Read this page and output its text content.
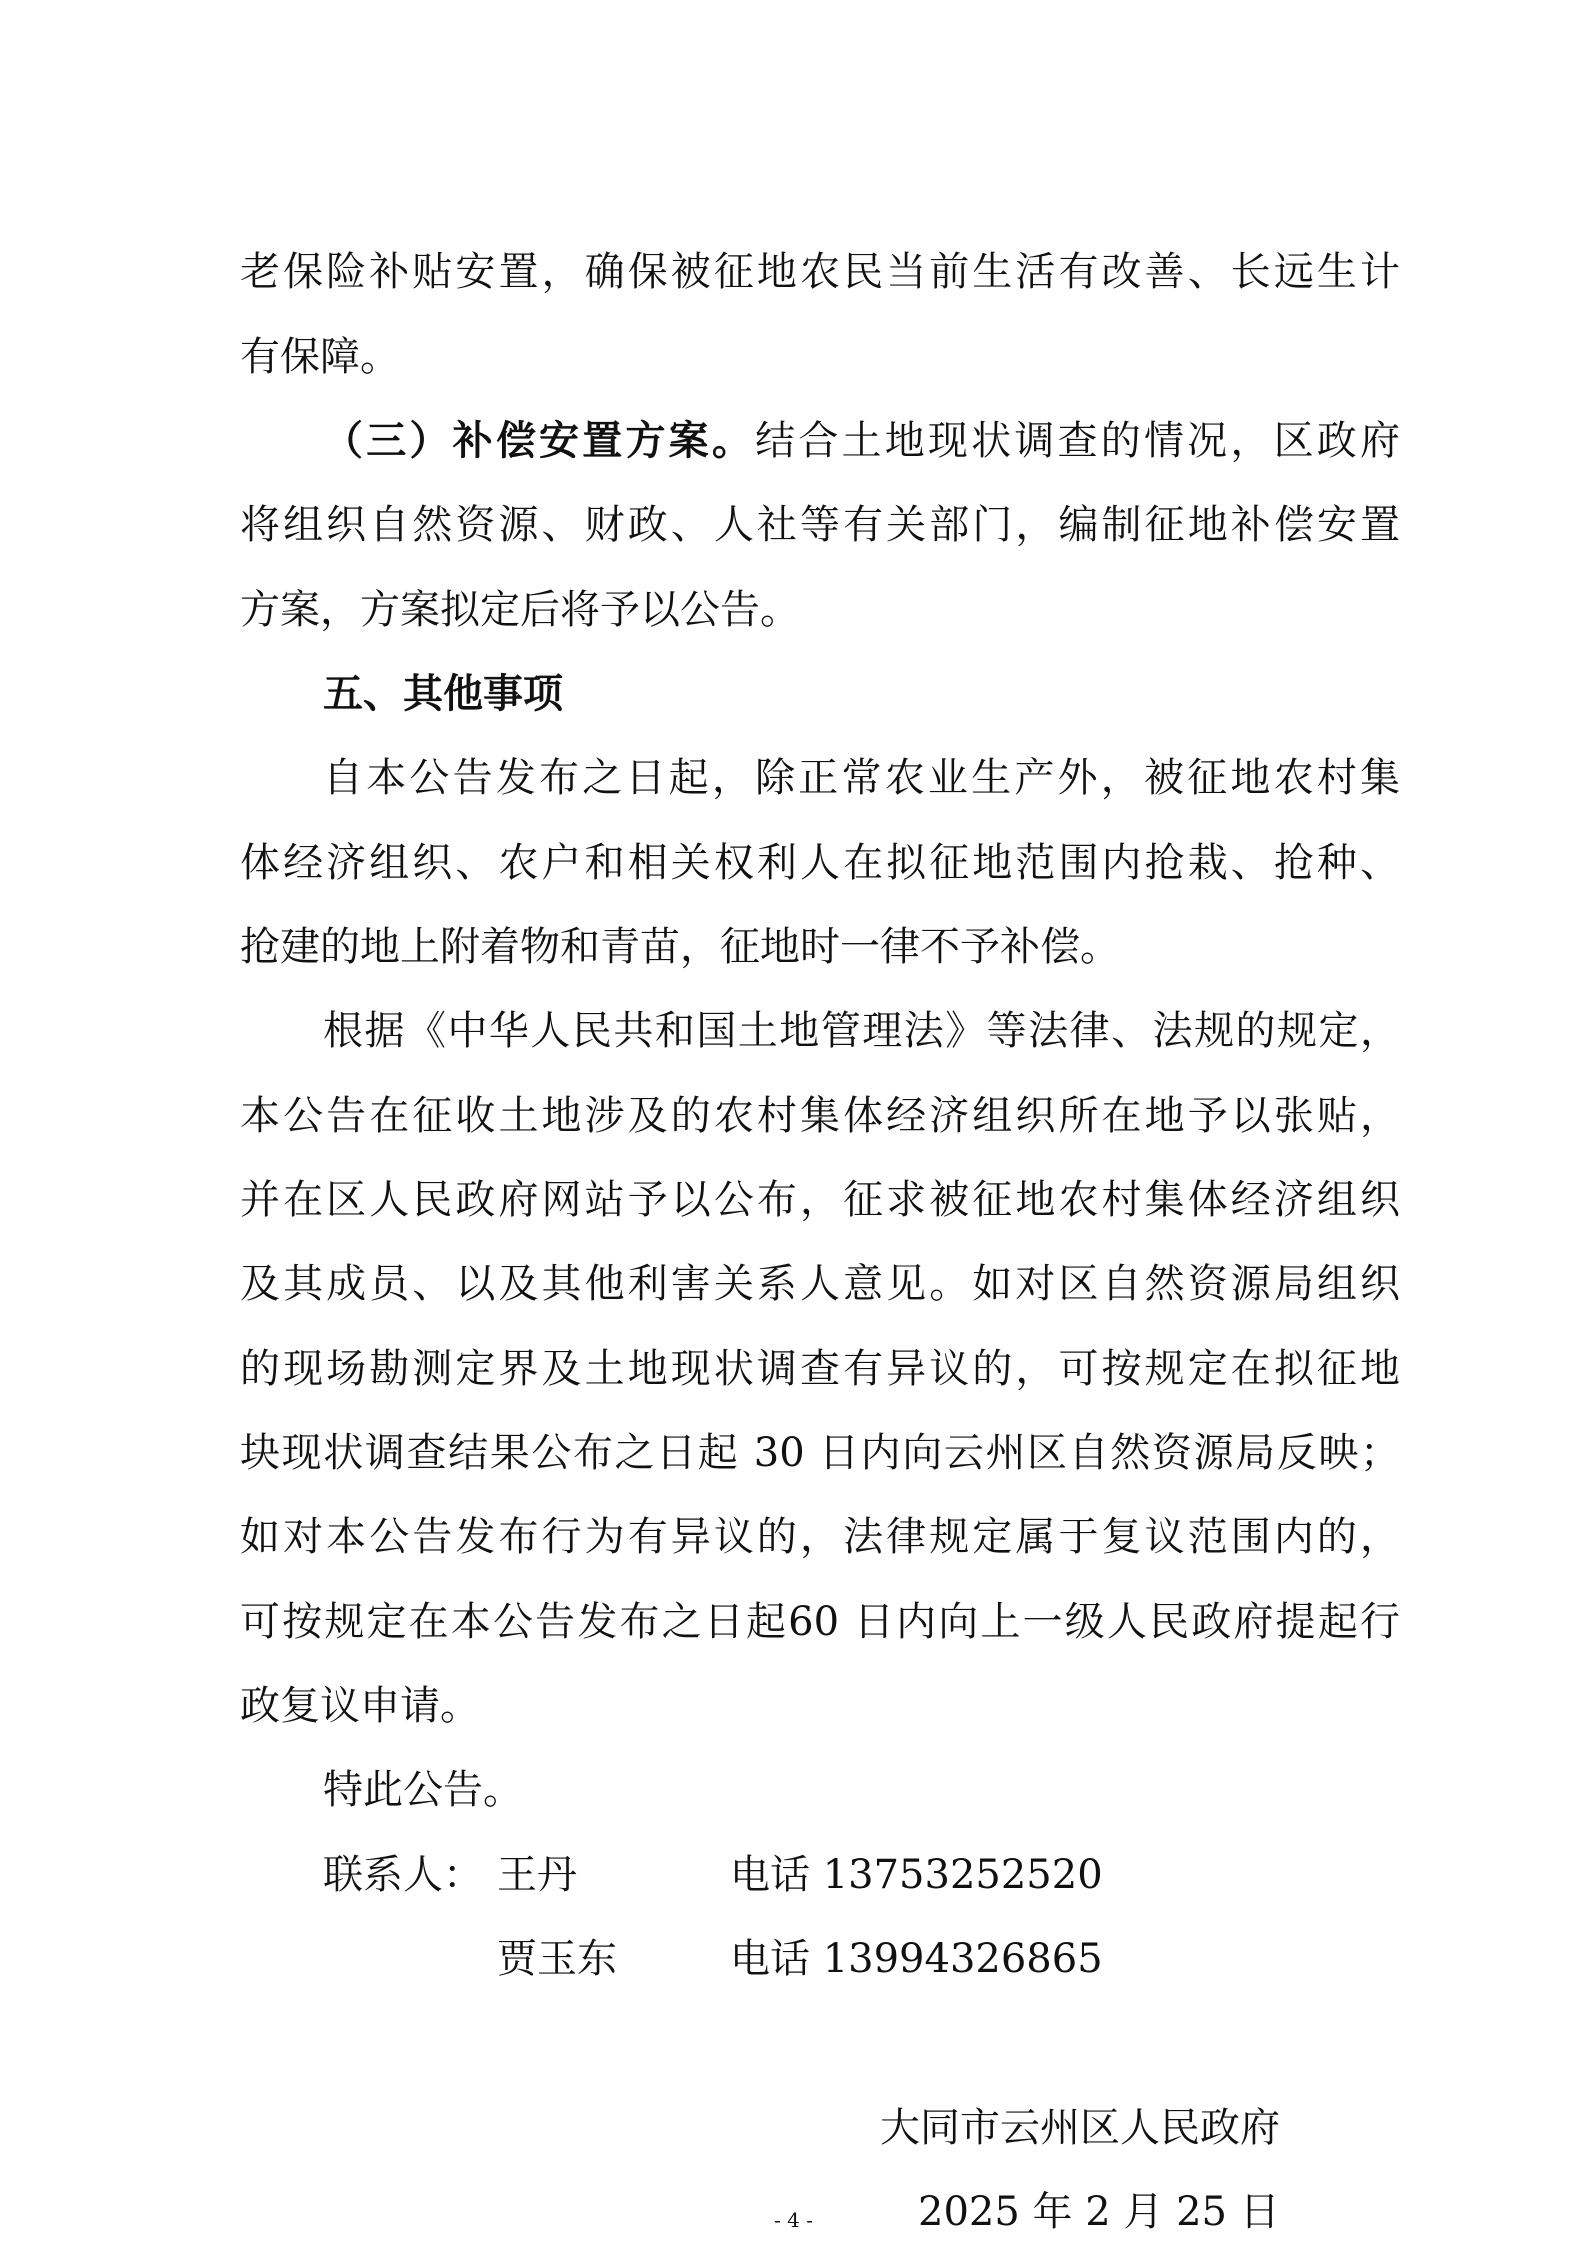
老保险补贴安置，确保被征地农民当前生活有改善、长远生计
有保障。
（三）补偿安置方案。结合土地现状调查的情况，区政府
将组织自然资源、财政、人社等有关部门，编制征地补偿安置
方案，方案拟定后将予以公告。
五、其他事项
自本公告发布之日起，除正常农业生产外，被征地农村集
体经济组织、农户和相关权利人在拟征地范围内抢栽、抢种、
抢建的地上附着物和青苗，征地时一律不予补偿。
根据《中华人民共和国土地管理法》等法律、法规的规定，
本公告在征收土地涉及的农村集体经济组织所在地予以张贴，
并在区人民政府网站予以公布，征求被征地农村集体经济组织
及其成员、以及其他利害关系人意见。如对区自然资源局组织
的现场勘测定界及土地现状调查有异议的，可按规定在拟征地
块现状调查结果公布之日起 30 日内向云州区自然资源局反映；
如对本公告发布行为有异议的，法律规定属于复议范围内的，
可按规定在本公告发布之日起60 日内向上一级人民政府提起行
政复议申请。
特此公告。
联系人： 王丹	电话 13753252520
贾玉东	电话 13994326865
大同市云州区人民政府
2025 年 2 月 25 日
- 4 -
